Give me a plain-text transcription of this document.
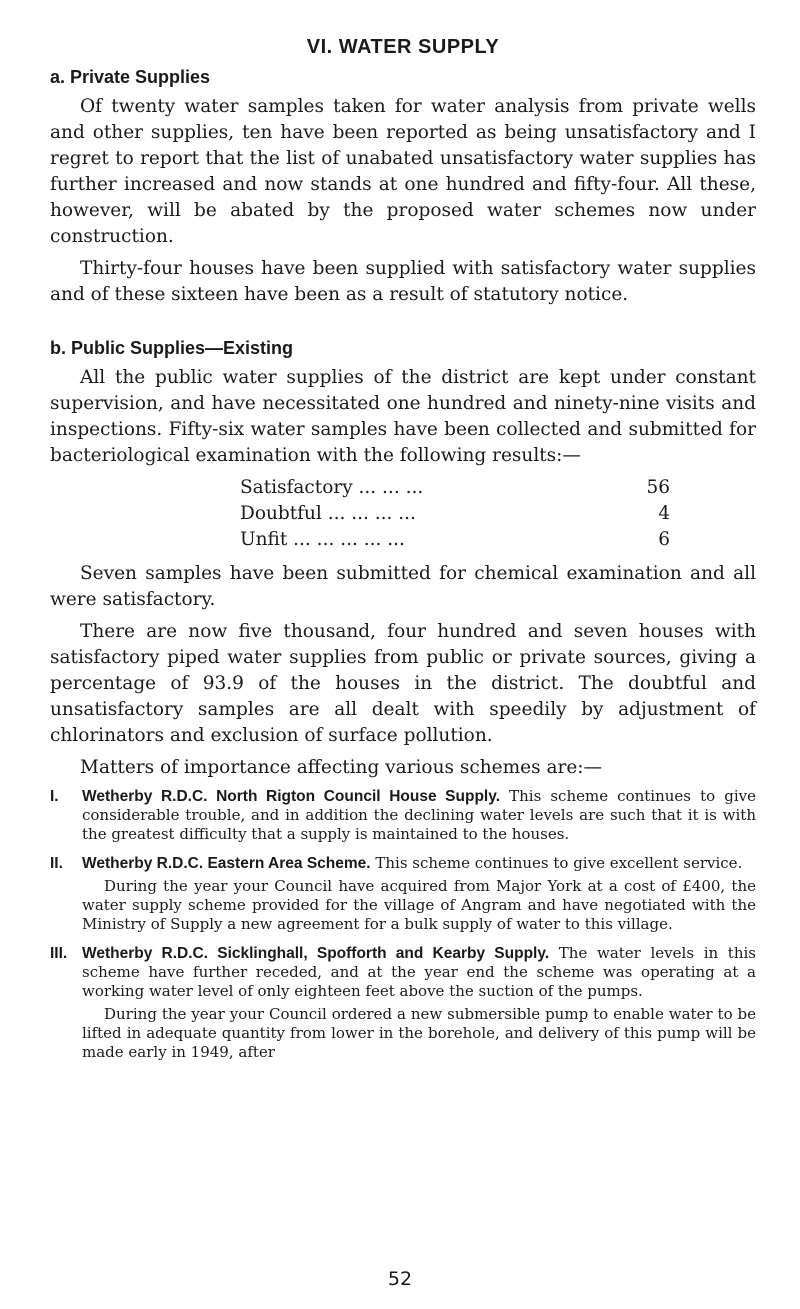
VI. WATER SUPPLY
a. Private Supplies

Of twenty water samples taken for water analysis from private wells and other supplies, ten have been reported as being unsatisfactory and I regret to report that the list of unabated unsatisfactory water supplies has further increased and now stands at one hundred and fifty-four. All these, however, will be abated by the proposed water schemes now under construction.

Thirty-four houses have been supplied with satisfactory water supplies and of these sixteen have been as a result of statutory notice.

b. Public Supplies—Existing

All the public water supplies of the district are kept under constant supervision, and have necessitated one hundred and ninety-nine visits and inspections. Fifty-six water samples have been collected and submitted for bacteriological examination with the following results:—

Satisfactory ... ... ...	56
Doubtful ... ... ... ...	4
Unfit ... ... ... ... ...	6

Seven samples have been submitted for chemical examination and all were satisfactory.

There are now five thousand, four hundred and seven houses with satisfactory piped water supplies from public or private sources, giving a percentage of 93.9 of the houses in the district. The doubtful and unsatisfactory samples are all dealt with speedily by adjustment of chlorinators and exclusion of surface pollution.

Matters of importance affecting various schemes are:—

I.	Wetherby R.D.C. North Rigton Council House Supply. This scheme continues to give considerable trouble, and in addition the declining water levels are such that it is with the greatest difficulty that a supply is maintained to the houses.

II.	Wetherby R.D.C. Eastern Area Scheme. This scheme continues to give excellent service.

During the year your Council have acquired from Major York at a cost of £400, the water supply scheme provided for the village of Angram and have negotiated with the Ministry of Supply a new agreement for a bulk supply of water to this village.

III. Wetherby R.D.C. Sicklinghall, Spofforth and Kearby Supply. The water levels in this scheme have further receded, and at the year end the scheme was operating at a working water level of only eighteen feet above the suction of the pumps.

During the year your Council ordered a new submersible pump to enable water to be lifted in adequate quantity from lower in the borehole, and delivery of this pump will be made early in 1949, after

52
